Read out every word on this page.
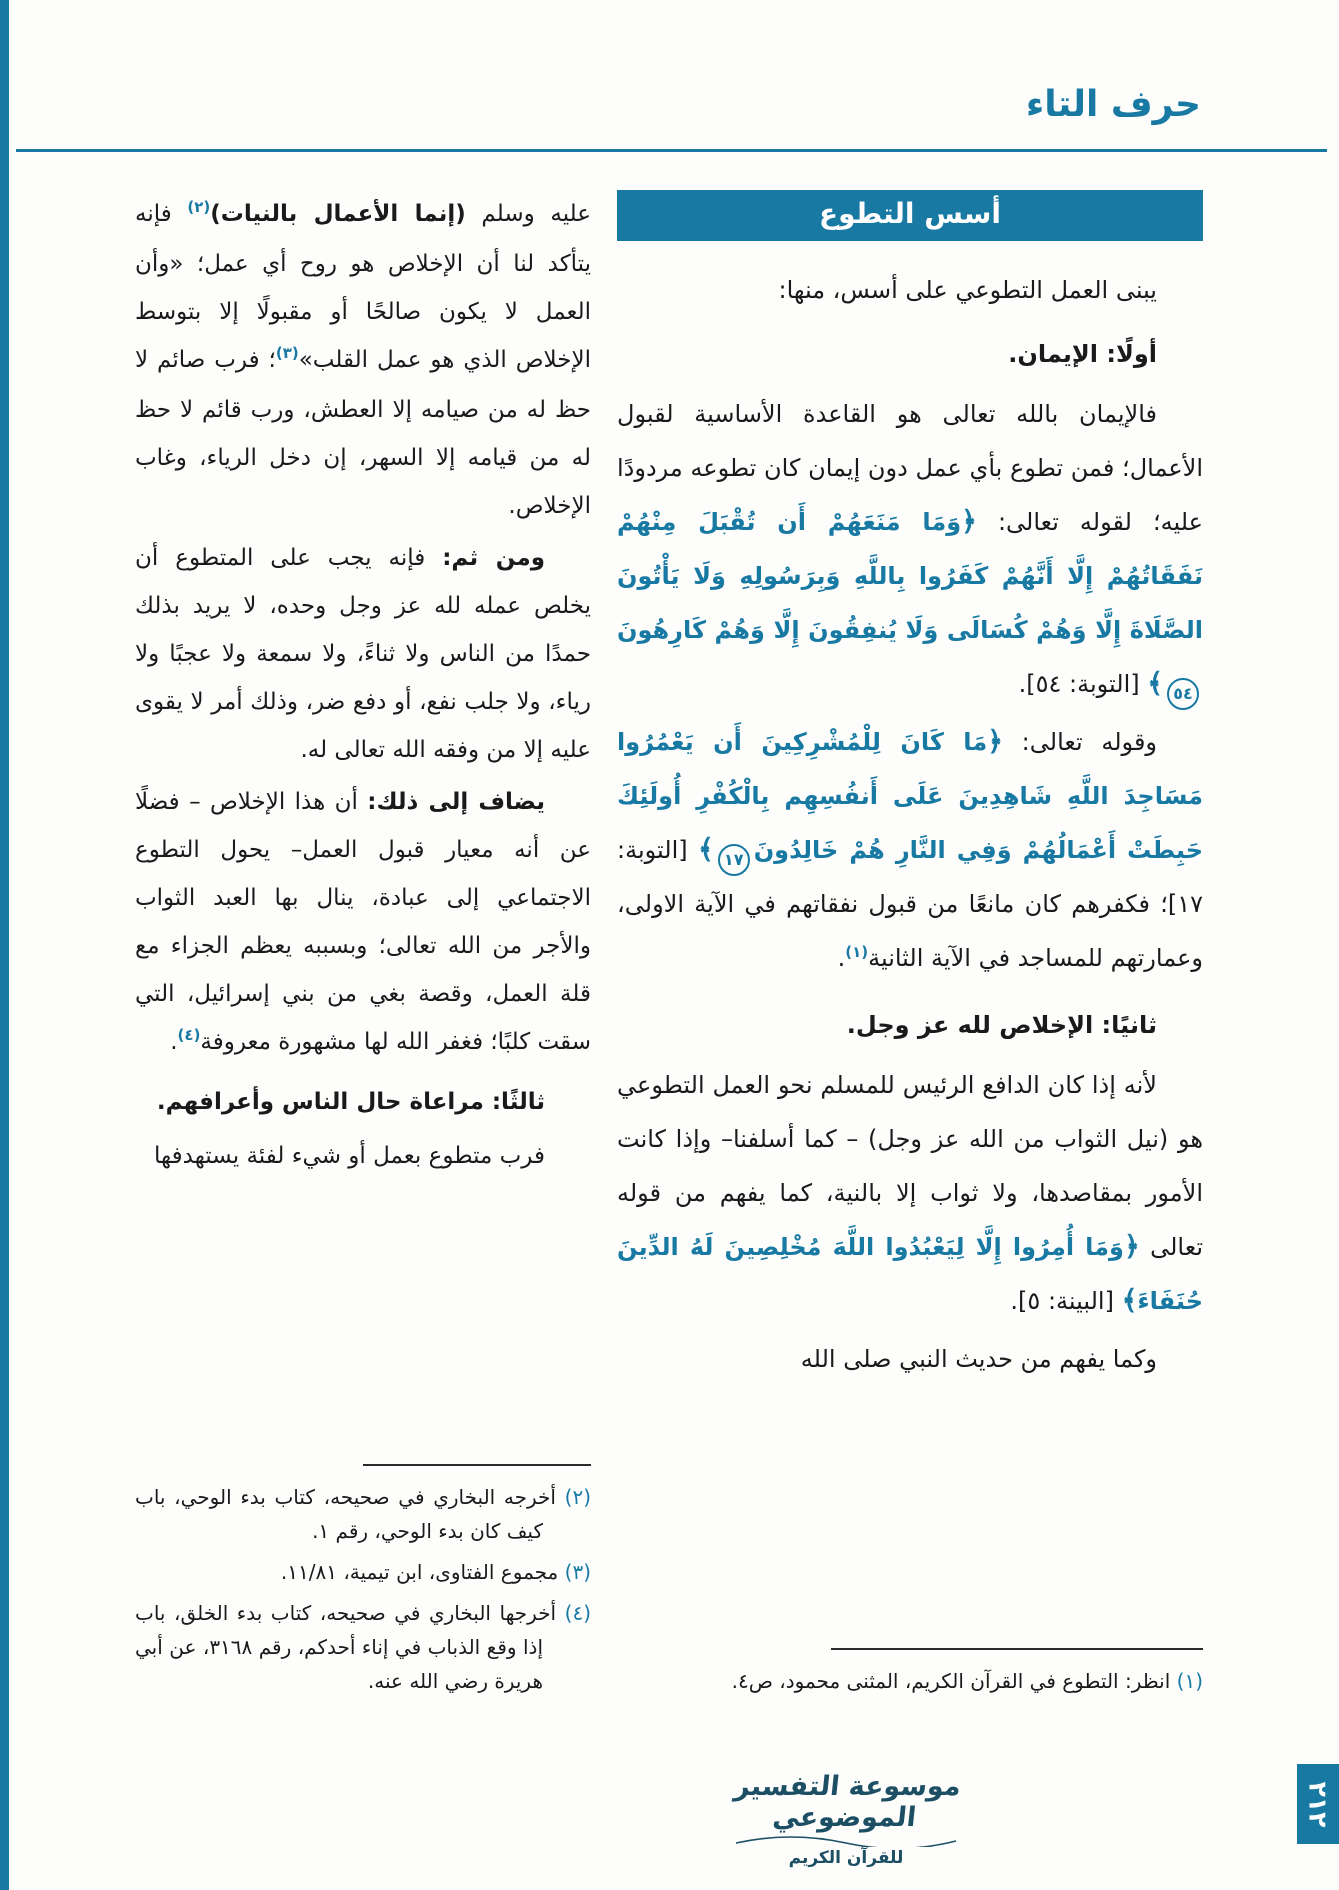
حرف التاء
أسس التطوع

يبنى العمل التطوعي على أسس، منها:

أولًا: الإيمان.

فالإيمان بالله تعالى هو القاعدة الأساسية لقبول الأعمال؛ فمن تطوع بأي عمل دون إيمان كان تطوعه مردودًا عليه؛ لقوله تعالى: ﴿وَمَا مَنَعَهُمْ أَن تُقْبَلَ مِنْهُمْ نَفَقَاتُهُمْ إِلَّا أَنَّهُمْ كَفَرُوا بِاللَّهِ وَبِرَسُولِهِ وَلَا يَأْتُونَ الصَّلَاةَ إِلَّا وَهُمْ كُسَالَى وَلَا يُنفِقُونَ إِلَّا وَهُمْ كَارِهُونَ٥٤﴾ [التوبة: ٥٤].

وقوله تعالى: ﴿مَا كَانَ لِلْمُشْرِكِينَ أَن يَعْمُرُوا مَسَاجِدَ اللَّهِ شَاهِدِينَ عَلَى أَنفُسِهِم بِالْكُفْرِ أُولَئِكَ حَبِطَتْ أَعْمَالُهُمْ وَفِي النَّارِ هُمْ خَالِدُونَ١٧﴾ [التوبة: ١٧]؛ فكفرهم كان مانعًا من قبول نفقاتهم في الآية الاولى، وعمارتهم للمساجد في الآية الثانية$^{(١)}$.

ثانيًا: الإخلاص لله عز وجل.

لأنه إذا كان الدافع الرئيس للمسلم نحو العمل التطوعي هو (نيل الثواب من الله عز وجل) – كما أسلفنا– وإذا كانت الأمور بمقاصدها، ولا ثواب إلا بالنية، كما يفهم من قوله تعالى ﴿وَمَا أُمِرُوا إِلَّا لِيَعْبُدُوا اللَّهَ مُخْلِصِينَ لَهُ الدِّينَ حُنَفَاءَ﴾ [البينة: ٥].

وكما يفهم من حديث النبي صلى الله

(١) انظر: التطوع في القرآن الكريم، المثنى محمود، ص٤.

عليه وسلم (إنما الأعمال بالنيات)$^{(٢)}$ فإنه يتأكد لنا أن الإخلاص هو روح أي عمل؛ «وأن العمل لا يكون صالحًا أو مقبولًا إلا بتوسط الإخلاص الذي هو عمل القلب»$^{(٣)}$؛ فرب صائم لا حظ له من صيامه إلا العطش، ورب قائم لا حظ له من قيامه إلا السهر، إن دخل الرياء، وغاب الإخلاص.

ومن ثم: فإنه يجب على المتطوع أن يخلص عمله لله عز وجل وحده، لا يريد بذلك حمدًا من الناس ولا ثناءً، ولا سمعة ولا عجبًا ولا رياء، ولا جلب نفع، أو دفع ضر، وذلك أمر لا يقوى عليه إلا من وفقه الله تعالى له.

يضاف إلى ذلك: أن هذا الإخلاص – فضلًا عن أنه معيار قبول العمل– يحول التطوع الاجتماعي إلى عبادة، ينال بها العبد الثواب والأجر من الله تعالى؛ وبسببه يعظم الجزاء مع قلة العمل، وقصة بغي من بني إسرائيل، التي سقت كلبًا؛ فغفر الله لها مشهورة معروفة$^{(٤)}$.

ثالثًا: مراعاة حال الناس وأعرافهم.

فرب متطوع بعمل أو شيء لفئة يستهدفها

(٢) أخرجه البخاري في صحيحه، كتاب بدء الوحي، باب كيف كان بدء الوحي، رقم ١.

(٣) مجموع الفتاوى، ابن تيمية، ١١/٨١.

(٤) أخرجها البخاري في صحيحه، كتاب بدء الخلق، باب إذا وقع الذباب في إناء أحدكم، رقم ٣١٦٨، عن أبي هريرة رضي الله عنه.

موسوعة التفسير الموضوعي
للقرآن الكريم
٢١٢
